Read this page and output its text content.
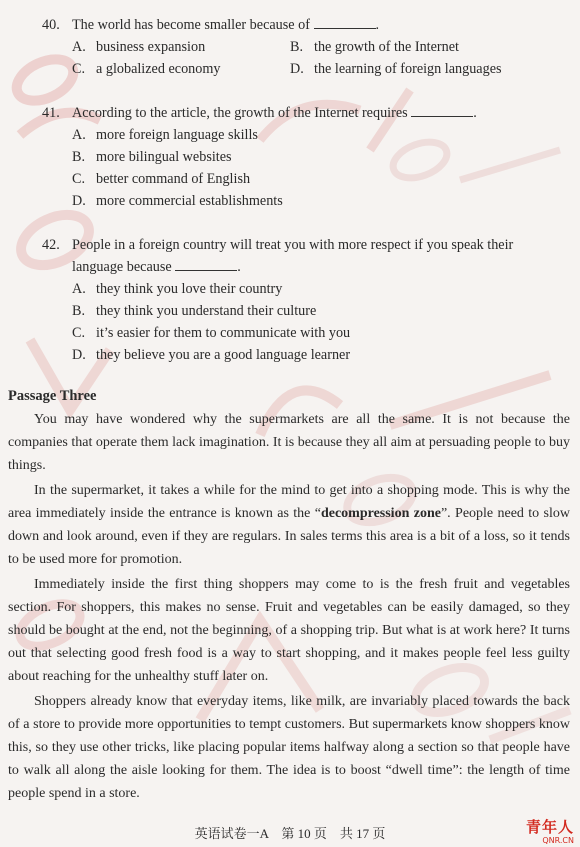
40. The world has become smaller because of	.
A. business expansion	B. the growth of the Internet
C. a globalized economy	D. the learning of foreign languages
41. According to the article, the growth of the Internet requires	.
A. more foreign language skills
B. more bilingual websites
C. better command of English
D. more commercial establishments
42. People in a foreign country will treat you with more respect if you speak their
language because	.
A. they think you love their country
B. they think you understand their culture
C. it’s easier for them to communicate with you
D. they believe you are a good language learner
Passage Three

You may have wondered why the supermarkets are all the same. It is not because the companies that operate them lack imagination. It is because they all aim at persuading people to buy things.

In the supermarket, it takes a while for the mind to get into a shopping mode. This is why the area immediately inside the entrance is known as the “decompression zone”. People need to slow down and look around, even if they are regulars. In sales terms this area is a bit of a loss, so it tends to be used more for promotion.

Immediately inside the first thing shoppers may come to is the fresh fruit and vegetables section. For shoppers, this makes no sense. Fruit and vegetables can be easily damaged, so they should be bought at the end, not the beginning, of a shopping trip. But what is at work here? It turns out that selecting good fresh food is a way to start shopping, and it makes people feel less guilty about reaching for the unhealthy stuff later on.

Shoppers already know that everyday items, like milk, are invariably placed towards the back of a store to provide more opportunities to tempt customers. But supermarkets know shoppers know this, so they use other tricks, like placing popular items halfway along a section so that people have to walk all along the aisle looking for them. The idea is to boost “dwell time”: the length of time people spend in a store.

英语试卷一A　第 10 页　共 17 页	青年人
QNR.CN
